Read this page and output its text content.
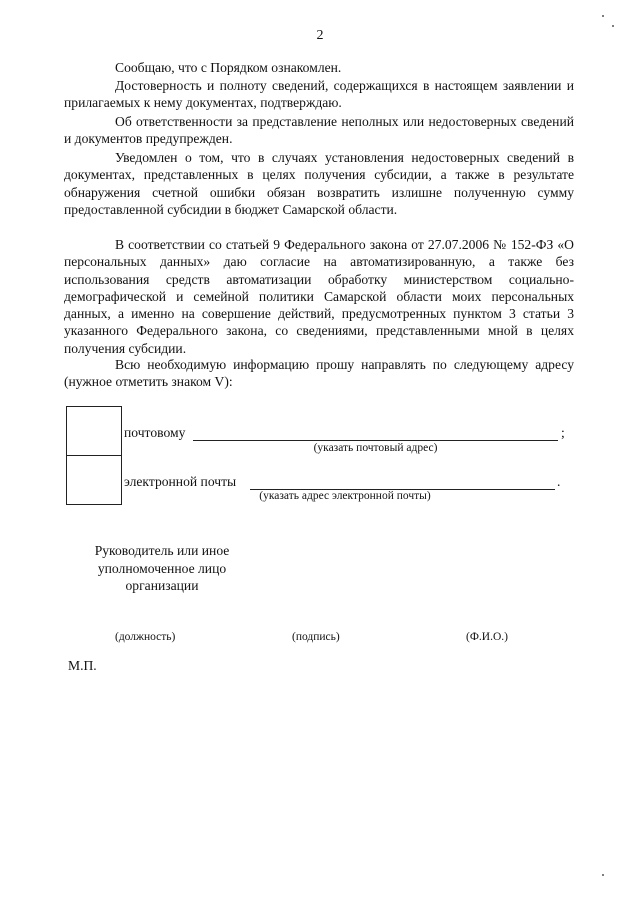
2

Сообщаю, что с Порядком ознакомлен.

Достоверность и полноту сведений, содержащихся в настоящем заявлении и прилагаемых к нему документах, подтверждаю.

Об ответственности за представление неполных или недостоверных сведений и документов предупрежден.

Уведомлен о том, что в случаях установления недостоверных сведений в документах, представленных в целях получения субсидии, а также в результате обнаружения счетной ошибки обязан возвратить излишне полученную сумму предоставленной субсидии в бюджет Самарской области.

В соответствии со статьей 9 Федерального закона от 27.07.2006 № 152-ФЗ «О персональных данных» даю согласие на автоматизированную, а также без использования средств автоматизации обработку министерством социально-демографической и семейной политики Самарской области моих персональных данных, а именно на совершение действий, предусмотренных пунктом 3 статьи 3 указанного Федерального закона, со сведениями, представленными мной в целях получения субсидии.

Всю необходимую информацию прошу направлять по следующему адресу (нужное отметить знаком V):

почтовому	;
(указать почтовый адрес)
электронной почты	.
(указать адрес электронной почты)

Руководитель или иное уполномоченное лицо организации

(должность)	(подпись)	(Ф.И.О.)
М.П.
